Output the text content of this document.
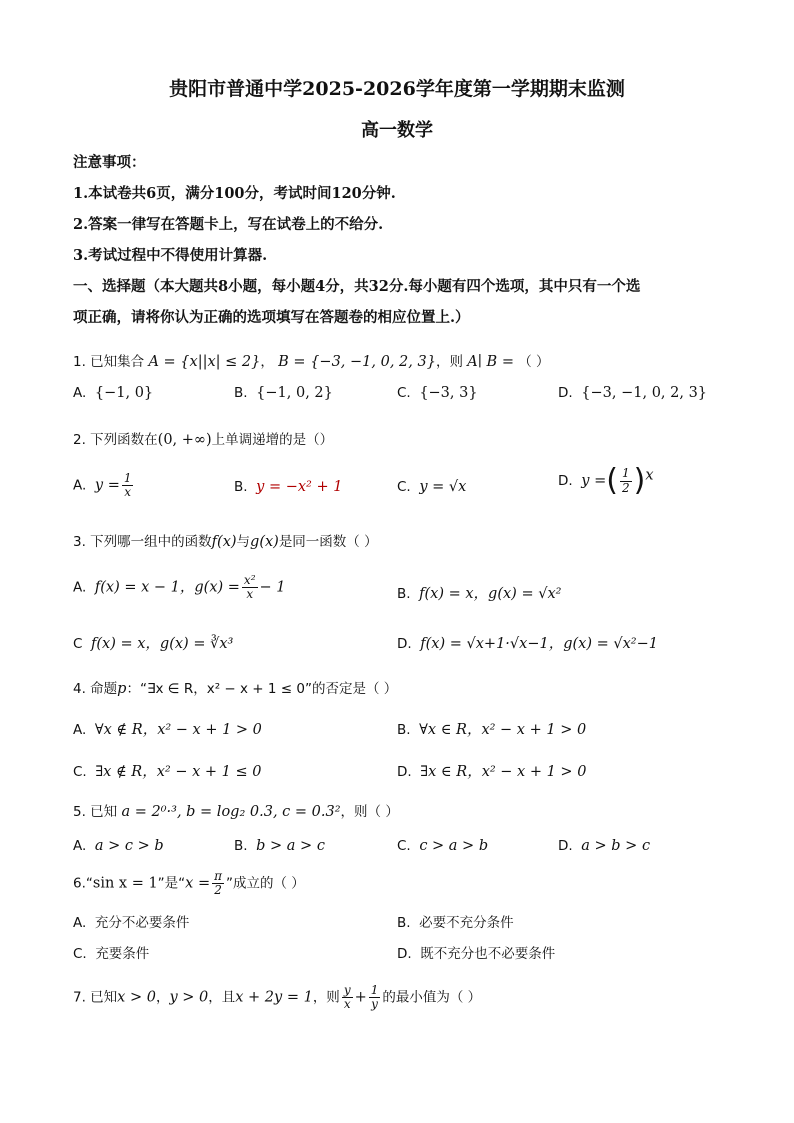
贵阳市普通中学2025-2026学年度第一学期期末监测
高一数学
注意事项：
1.本试卷共6页，满分100分，考试时间120分钟.
2.答案一律写在答题卡上，写在试卷上的不给分.
3.考试过程中不得使用计算器.
一、选择题（本大题共8小题，每小题4分，共32分.每小题有四个选项，其中只有一个选
项正确，请将你认为正确的选项填写在答题卷的相应位置上.）
1. 已知集合 A = {x||x| ≤ 2}， B = {−3, −1, 0, 2, 3}，则 A∣ B = （ ）
A. {−1, 0}	B. {−1, 0, 2}	C. {−3, 3}	D. {−3, −1, 0, 2, 3}
2. 下列函数在(0, +∞)上单调递增的是（）
A. $y = \frac{1}{x}$	B. y = −x² + 1	C. y = √x	D. y =( $\frac{1}{2} )^x$
3. 下列哪一组中的函数f(x)与g(x)是同一函数（ ）
A. f(x) = x − 1，$g(x) = \frac{\text{x²}}{x} - 1$	B. f(x) = x，g(x) = √x²
C f(x) = x，g(x) = ∛x³	D. f(x) = √x+1·√x−1，g(x) = √x²−1
4. 命题p：“∃x ∈ R，x² − x + 1 ≤ 0”的否定是（ ）
A. ∀x ∉ R，x² − x + 1 > 0	B. ∀x ∈ R，x² − x + 1 > 0
C. ∃x ∉ R，x² − x + 1 ≤ 0	D. ∃x ∈ R，x² − x + 1 > 0
5. 已知 a = 2⁰·³, b = log₂ 0.3, c = 0.3²，则（ ）
A. a > c > b	B. b > a > c	C. c > a > b	D. a > b > c
6.“sin x = 1”是“$x = \frac{\pi}{2}$ ”成立的（ ）
A. 充分不必要条件	B. 必要不充分条件
C. 充要条件	D. 既不充分也不必要条件
7. 已知x > 0，y > 0，且x + 2y = 1，则 $\frac{y}{x} + \frac{1}{y}$ 的最小值为（ ）
